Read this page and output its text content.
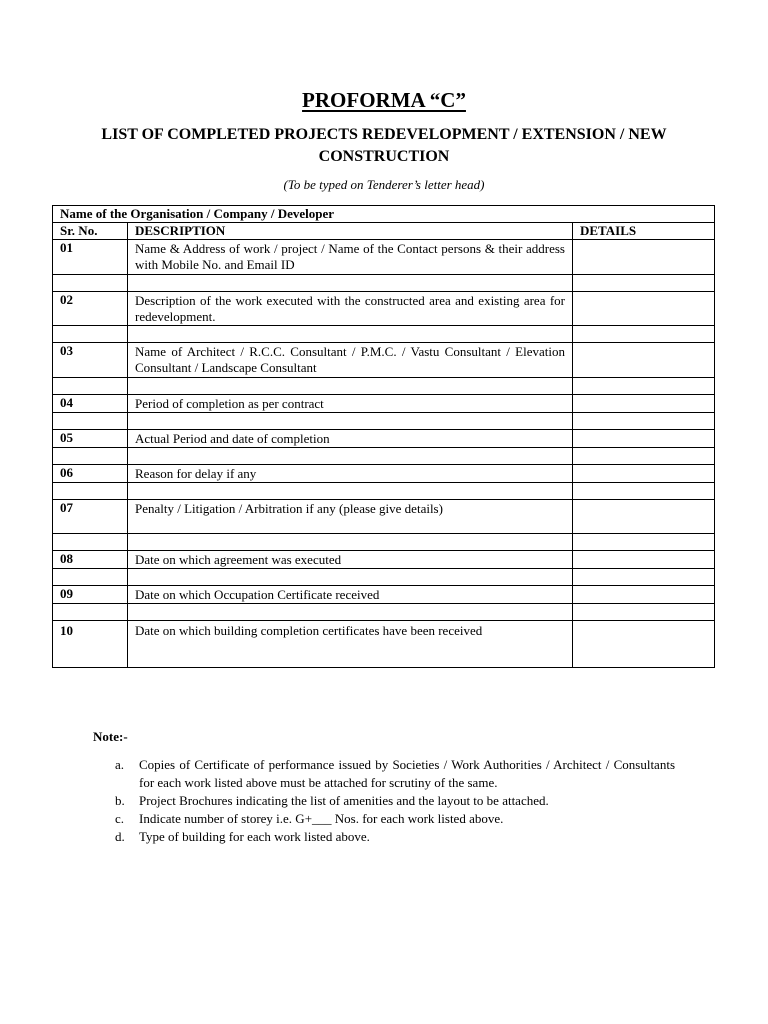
PROFORMA “C”
LIST OF COMPLETED PROJECTS REDEVELOPMENT / EXTENSION / NEW CONSTRUCTION
(To be typed on Tenderer’s letter head)
Name of the Organisation / Company / Developer		
Sr. No.	DESCRIPTION	DETAILS
01	Name & Address of work / project / Name of the Contact persons & their address with Mobile No. and Email ID	

02	Description of the work executed with the constructed area and existing area for redevelopment.	

03	Name of Architect / R.C.C. Consultant / P.M.C. / Vastu Consultant / Elevation Consultant / Landscape Consultant	

04	Period of completion as per contract	

05	Actual Period and date of completion	

06	Reason for delay if any	

07	Penalty / Litigation / Arbitration if any (please give details)	

08	Date on which agreement was executed	

09	Date on which Occupation Certificate received	

10	Date on which building completion certificates have been received	
Note:-
a.	Copies of Certificate of performance issued by Societies / Work Authorities / Architect / Consultants for each work listed above must be attached for scrutiny of the same.
b.	Project Brochures indicating the list of amenities and the layout to be attached.
c.	Indicate number of storey i.e. G+___ Nos. for each work listed above.
d.	Type of building for each work listed above.
